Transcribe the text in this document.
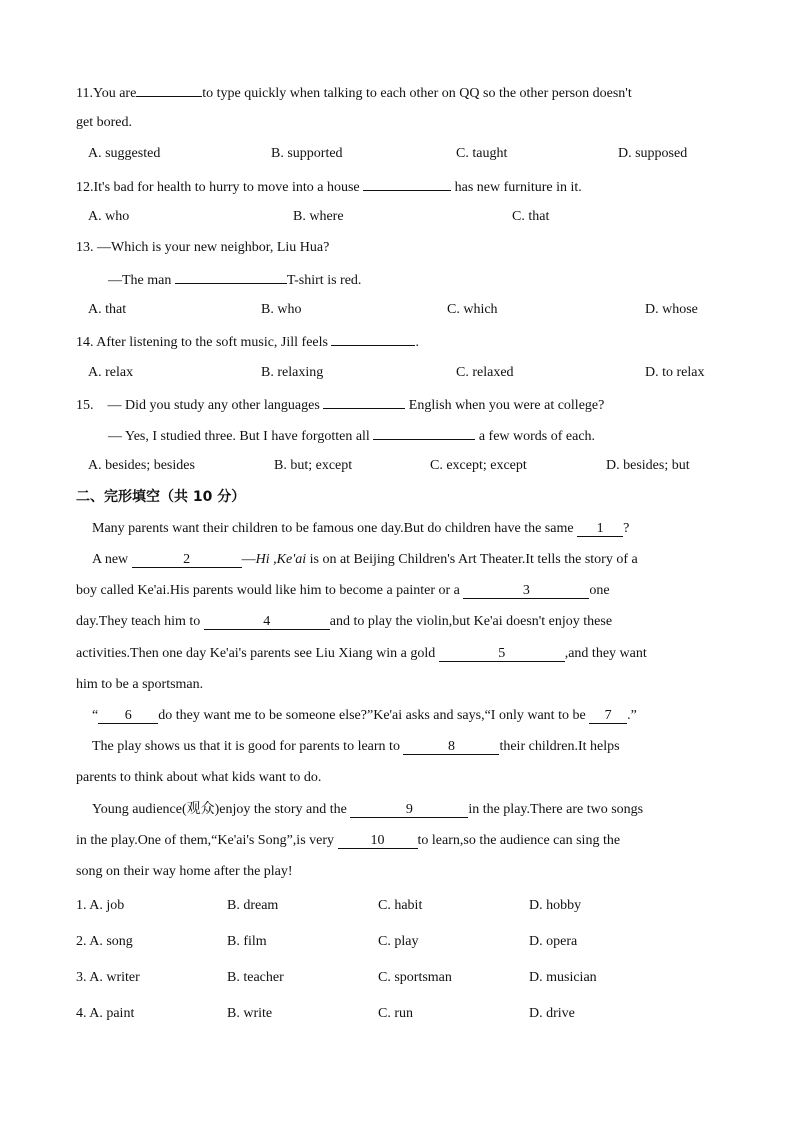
11.You are	to type quickly when talking to each other on QQ so the other person doesn't
get bored.
A. suggested	B. supported	C. taught	D. supposed
12.It's bad for health to hurry to move into a house	has new furniture in it.
A. who	B. where	C. that
13. —Which is your new neighbor, Liu Hua?
—The man	T-shirt is red.
A. that	B. who	C. which	D. whose
14. After listening to the soft music, Jill feels	.
A. relax	B. relaxing	C. relaxed	D. to relax
15.    — Did you study any other languages	English when you were at college?
— Yes, I studied three. But I have forgotten all	a few words of each.
A. besides; besides	B. but; except	C. except; except	D. besides; but
二、完形填空（共 10 分）
Many parents want their children to be famous one day.But do children have the same 1 ?
A new	2	—Hi ,Ke'ai is on at Beijing Children's Art Theater.It tells the story of a
boy called Ke'ai.His parents would like him to become a painter or a	3	one
day.They teach him to	4	and to play the violin,but Ke'ai doesn't enjoy these
activities.Then one day Ke'ai's parents see Liu Xiang win a gold	5	,and they want
him to be a sportsman.
“ 6 do they want me to be someone else?”Ke'ai asks and says,“I only want to be 7 .”
The play shows us that it is good for parents to learn to	8	their children.It helps
parents to think about what kids want to do.
Young audience(观众)enjoy the story and the	9	in the play.There are two songs
in the play.One of them,“Ke'ai's Song”,is very	10 to learn,so the audience can sing the
song on their way home after the play!
1. A. job	B. dream	C. habit	D. hobby
2. A. song	B. film	C. play	D. opera
3. A. writer	B. teacher	C. sportsman	D. musician
4. A. paint	B. write	C. run	D. drive
